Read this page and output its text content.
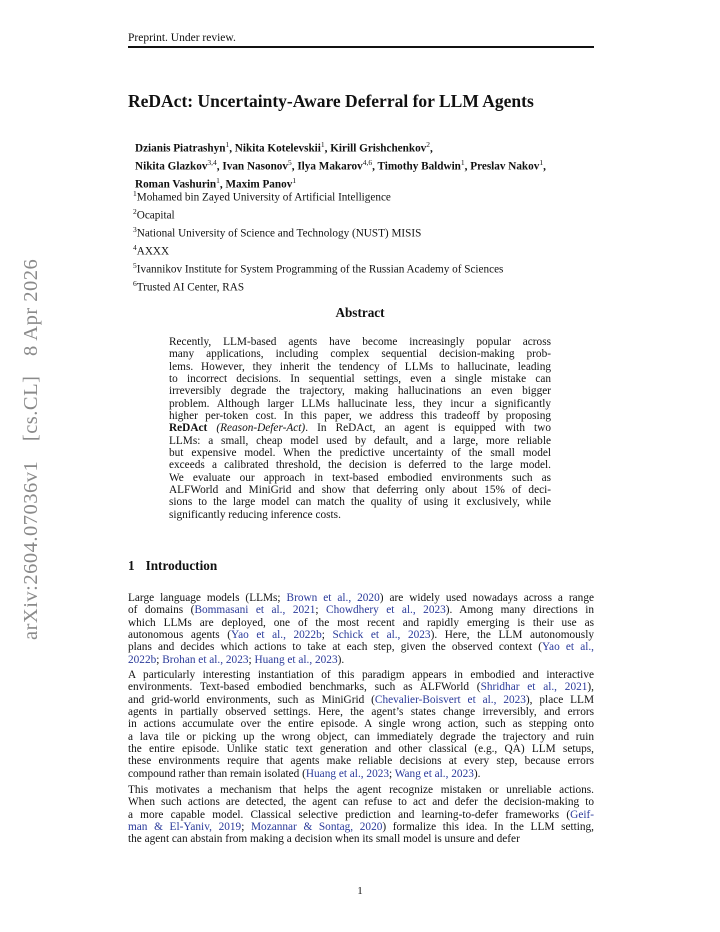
Preprint. Under review.
arXiv:2604.07036v1 [cs.CL] 8 Apr 2026
ReDAct: Uncertainty-Aware Deferral for LLM Agents
Dzianis Piatrashyn$^1$, Nikita Kotelevskii$^1$, Kirill Grishchenkov$^2$,
Nikita Glazkov$^{3,4}$, Ivan Nasonov$^5$, Ilya Makarov$^{4,6}$, Timothy Baldwin$^1$, Preslav Nakov$^1$,
Roman Vashurin$^1$, Maxim Panov$^1$
$^1$Mohamed bin Zayed University of Artificial Intelligence
$^2$Ocapital
$^3$National University of Science and Technology (NUST) MISIS
$^4$AXXX
$^5$Ivannikov Institute for System Programming of the Russian Academy of Sciences
$^6$Trusted AI Center, RAS
Abstract
Recently, LLM-based agents have become increasingly popular across
many applications, including complex sequential decision-making prob-
lems. However, they inherit the tendency of LLMs to hallucinate, leading
to incorrect decisions. In sequential settings, even a single mistake can
irreversibly degrade the trajectory, making hallucinations an even bigger
problem. Although larger LLMs hallucinate less, they incur a significantly
higher per-token cost. In this paper, we address this tradeoff by proposing
ReDAct (Reason-Defer-Act). In ReDAct, an agent is equipped with two
LLMs: a small, cheap model used by default, and a large, more reliable
but expensive model. When the predictive uncertainty of the small model
exceeds a calibrated threshold, the decision is deferred to the large model.
We evaluate our approach in text-based embodied environments such as
ALFWorld and MiniGrid and show that deferring only about 15% of deci-
sions to the large model can match the quality of using it exclusively, while
significantly reducing inference costs.
1 Introduction
Large language models (LLMs; Brown et al., 2020) are widely used nowadays across a range
of domains (Bommasani et al., 2021; Chowdhery et al., 2023). Among many directions in
which LLMs are deployed, one of the most recent and rapidly emerging is their use as
autonomous agents (Yao et al., 2022b; Schick et al., 2023). Here, the LLM autonomously
plans and decides which actions to take at each step, given the observed context (Yao et al.,
2022b; Brohan et al., 2023; Huang et al., 2023).
A particularly interesting instantiation of this paradigm appears in embodied and interactive
environments. Text-based embodied benchmarks, such as ALFWorld (Shridhar et al., 2021),
and grid-world environments, such as MiniGrid (Chevalier-Boisvert et al., 2023), place LLM
agents in partially observed settings. Here, the agent’s states change irreversibly, and errors
in actions accumulate over the entire episode. A single wrong action, such as stepping onto
a lava tile or picking up the wrong object, can immediately degrade the trajectory and ruin
the entire episode. Unlike static text generation and other classical (e.g., QA) LLM setups,
these environments require that agents make reliable decisions at every step, because errors
compound rather than remain isolated (Huang et al., 2023; Wang et al., 2023).
This motivates a mechanism that helps the agent recognize mistaken or unreliable actions.
When such actions are detected, the agent can refuse to act and defer the decision-making to
a more capable model. Classical selective prediction and learning-to-defer frameworks (Geif-
man & El-Yaniv, 2019; Mozannar & Sontag, 2020) formalize this idea. In the LLM setting,
the agent can abstain from making a decision when its small model is unsure and defer
1
